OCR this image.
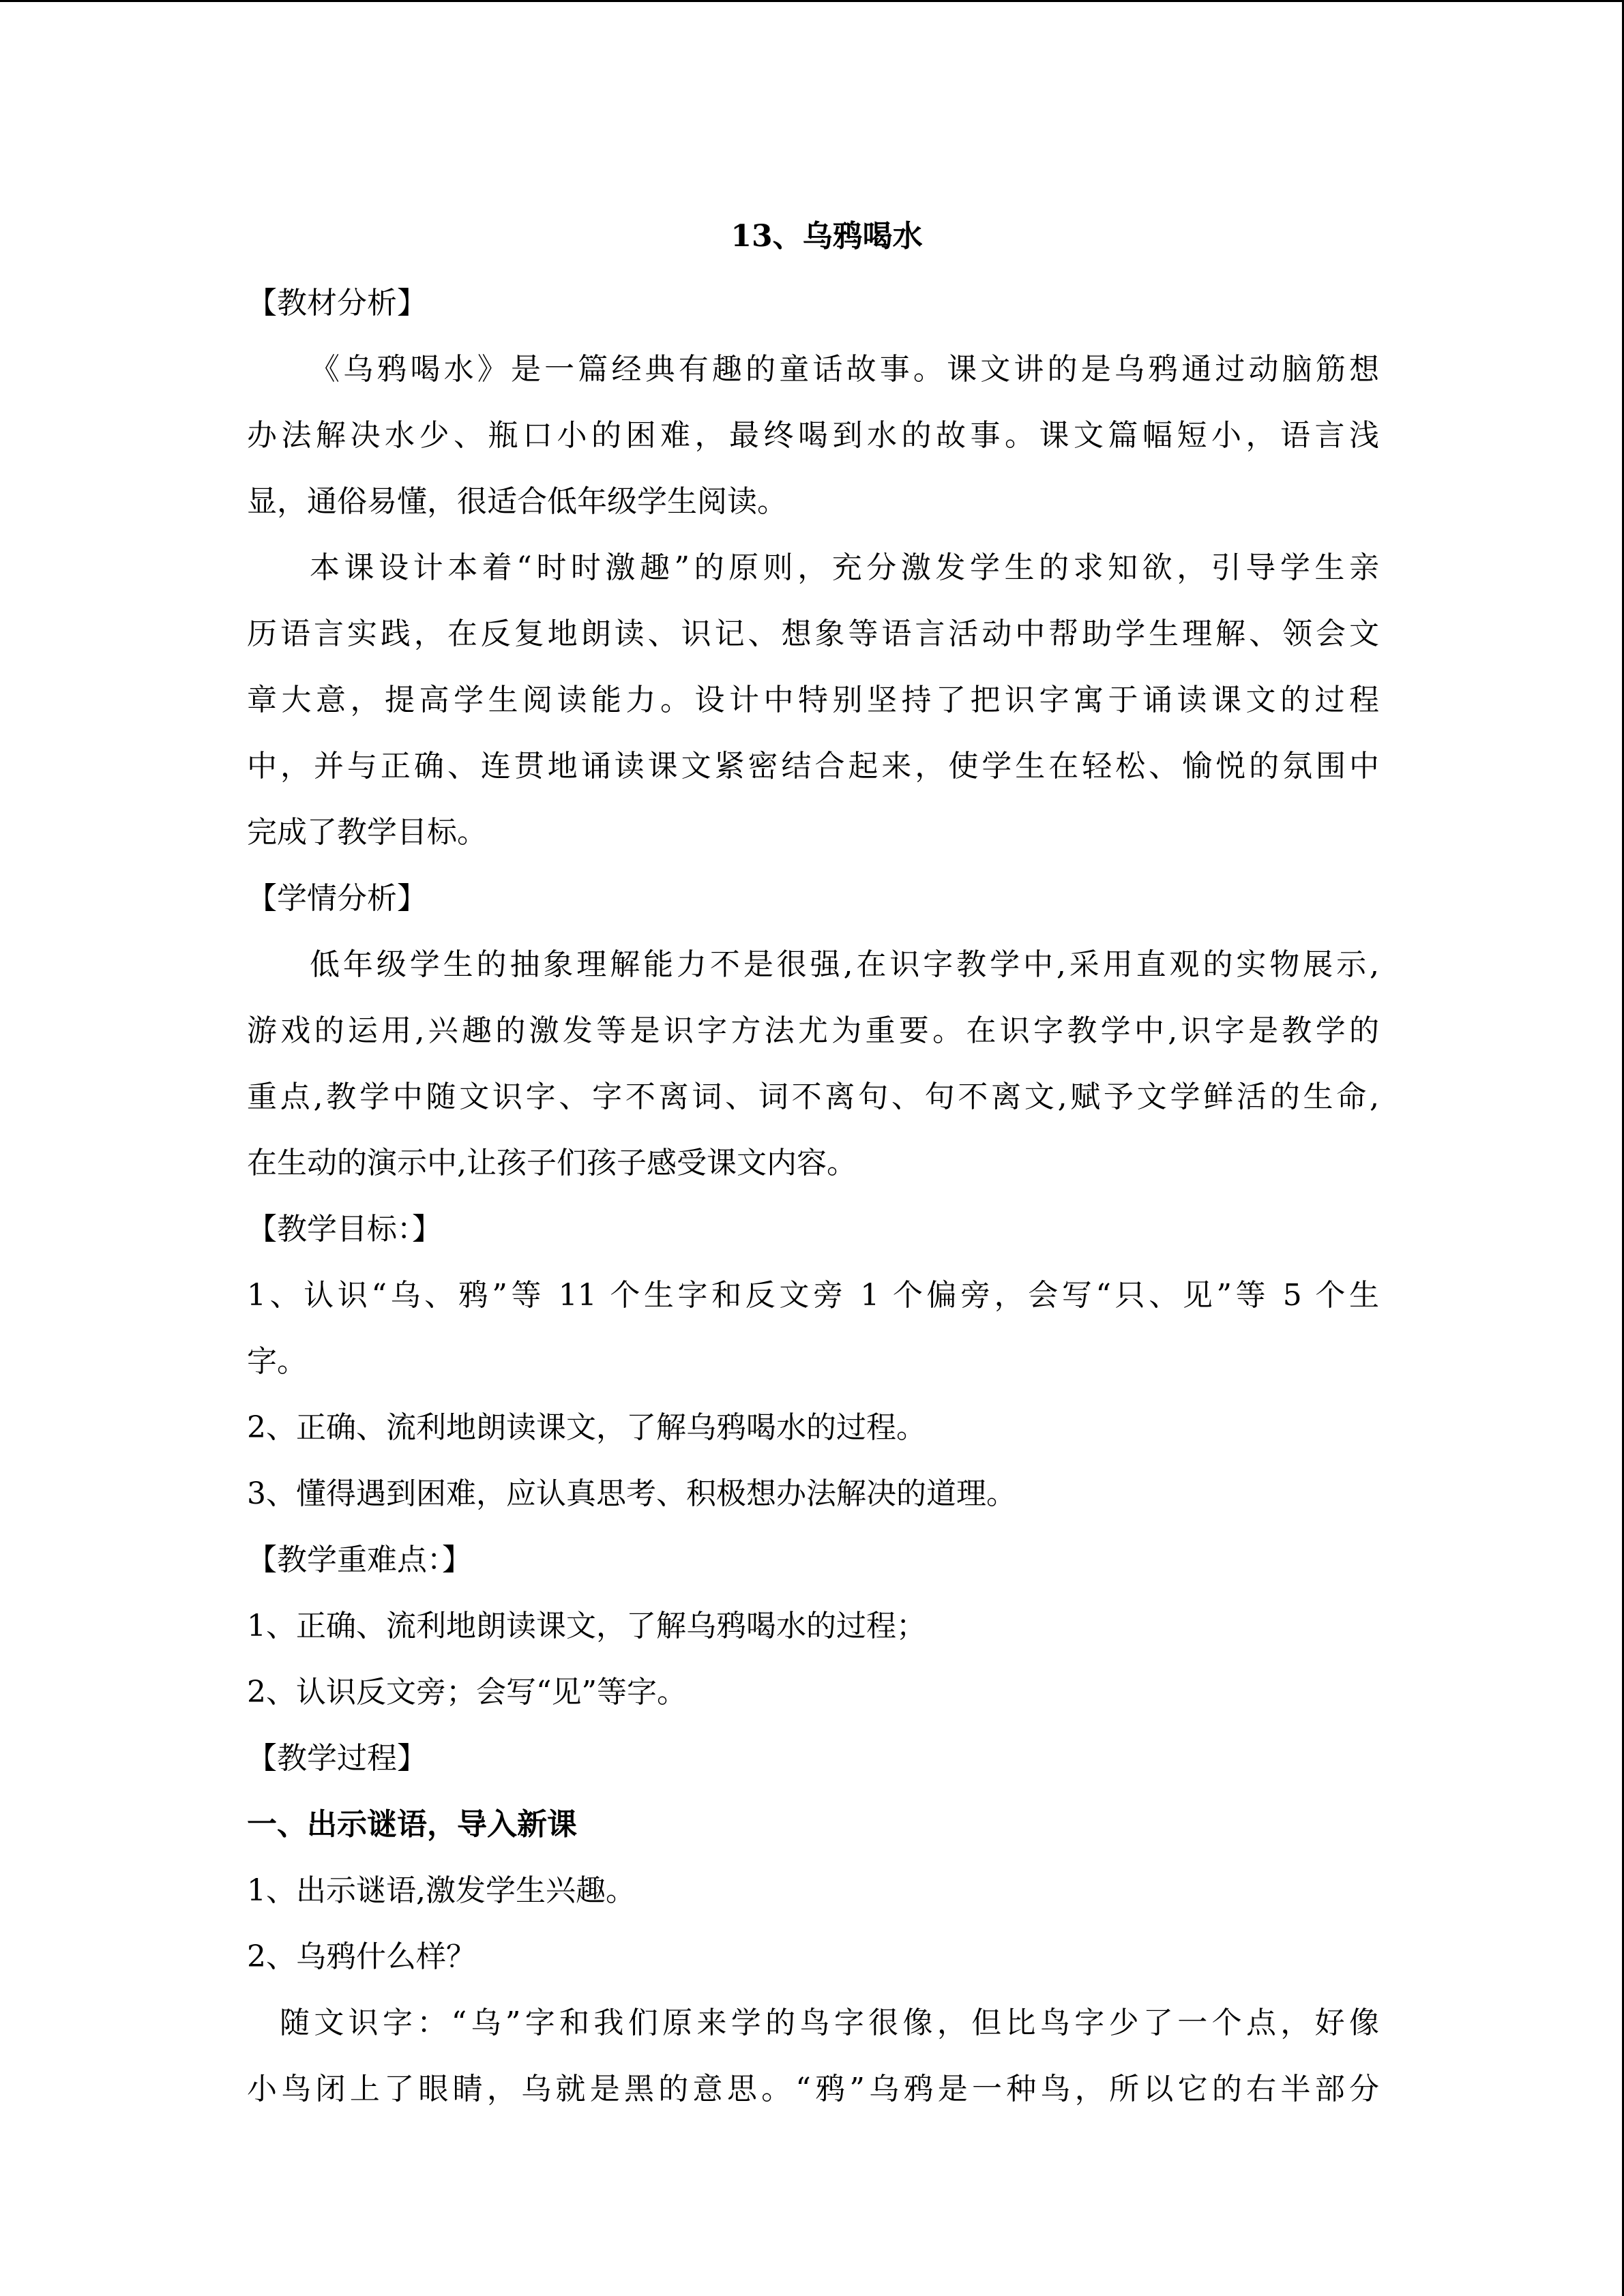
13、乌鸦喝水
【教材分析】
《乌鸦喝水》是一篇经典有趣的童话故事。课文讲的是乌鸦通过动脑筋想
办法解决水少、瓶口小的困难，最终喝到水的故事。课文篇幅短小，语言浅
显，通俗易懂，很适合低年级学生阅读。
本课设计本着“时时激趣”的原则，充分激发学生的求知欲，引导学生亲
历语言实践，在反复地朗读、识记、想象等语言活动中帮助学生理解、领会文
章大意，提高学生阅读能力。设计中特别坚持了把识字寓于诵读课文的过程
中，并与正确、连贯地诵读课文紧密结合起来，使学生在轻松、愉悦的氛围中
完成了教学目标。
【学情分析】
低年级学生的抽象理解能力不是很强,在识字教学中,采用直观的实物展示,
游戏的运用,兴趣的激发等是识字方法尤为重要。在识字教学中,识字是教学的
重点,教学中随文识字、字不离词、词不离句、句不离文,赋予文学鲜活的生命,
在生动的演示中,让孩子们孩子感受课文内容。
【教学目标：】
1、认识“乌、鸦”等 11 个生字和反文旁 1 个偏旁，会写“只、见”等 5 个生
字。
2、正确、流利地朗读课文，了解乌鸦喝水的过程。
3、懂得遇到困难，应认真思考、积极想办法解决的道理。
【教学重难点：】
1、正确、流利地朗读课文，了解乌鸦喝水的过程；
2、认识反文旁；会写“见”等字。
【教学过程】
一、出示谜语，导入新课
1、出示谜语,激发学生兴趣。
2、乌鸦什么样？
随文识字：“乌”字和我们原来学的鸟字很像，但比鸟字少了一个点，好像
小鸟闭上了眼睛，乌就是黑的意思。“鸦”乌鸦是一种鸟，所以它的右半部分
